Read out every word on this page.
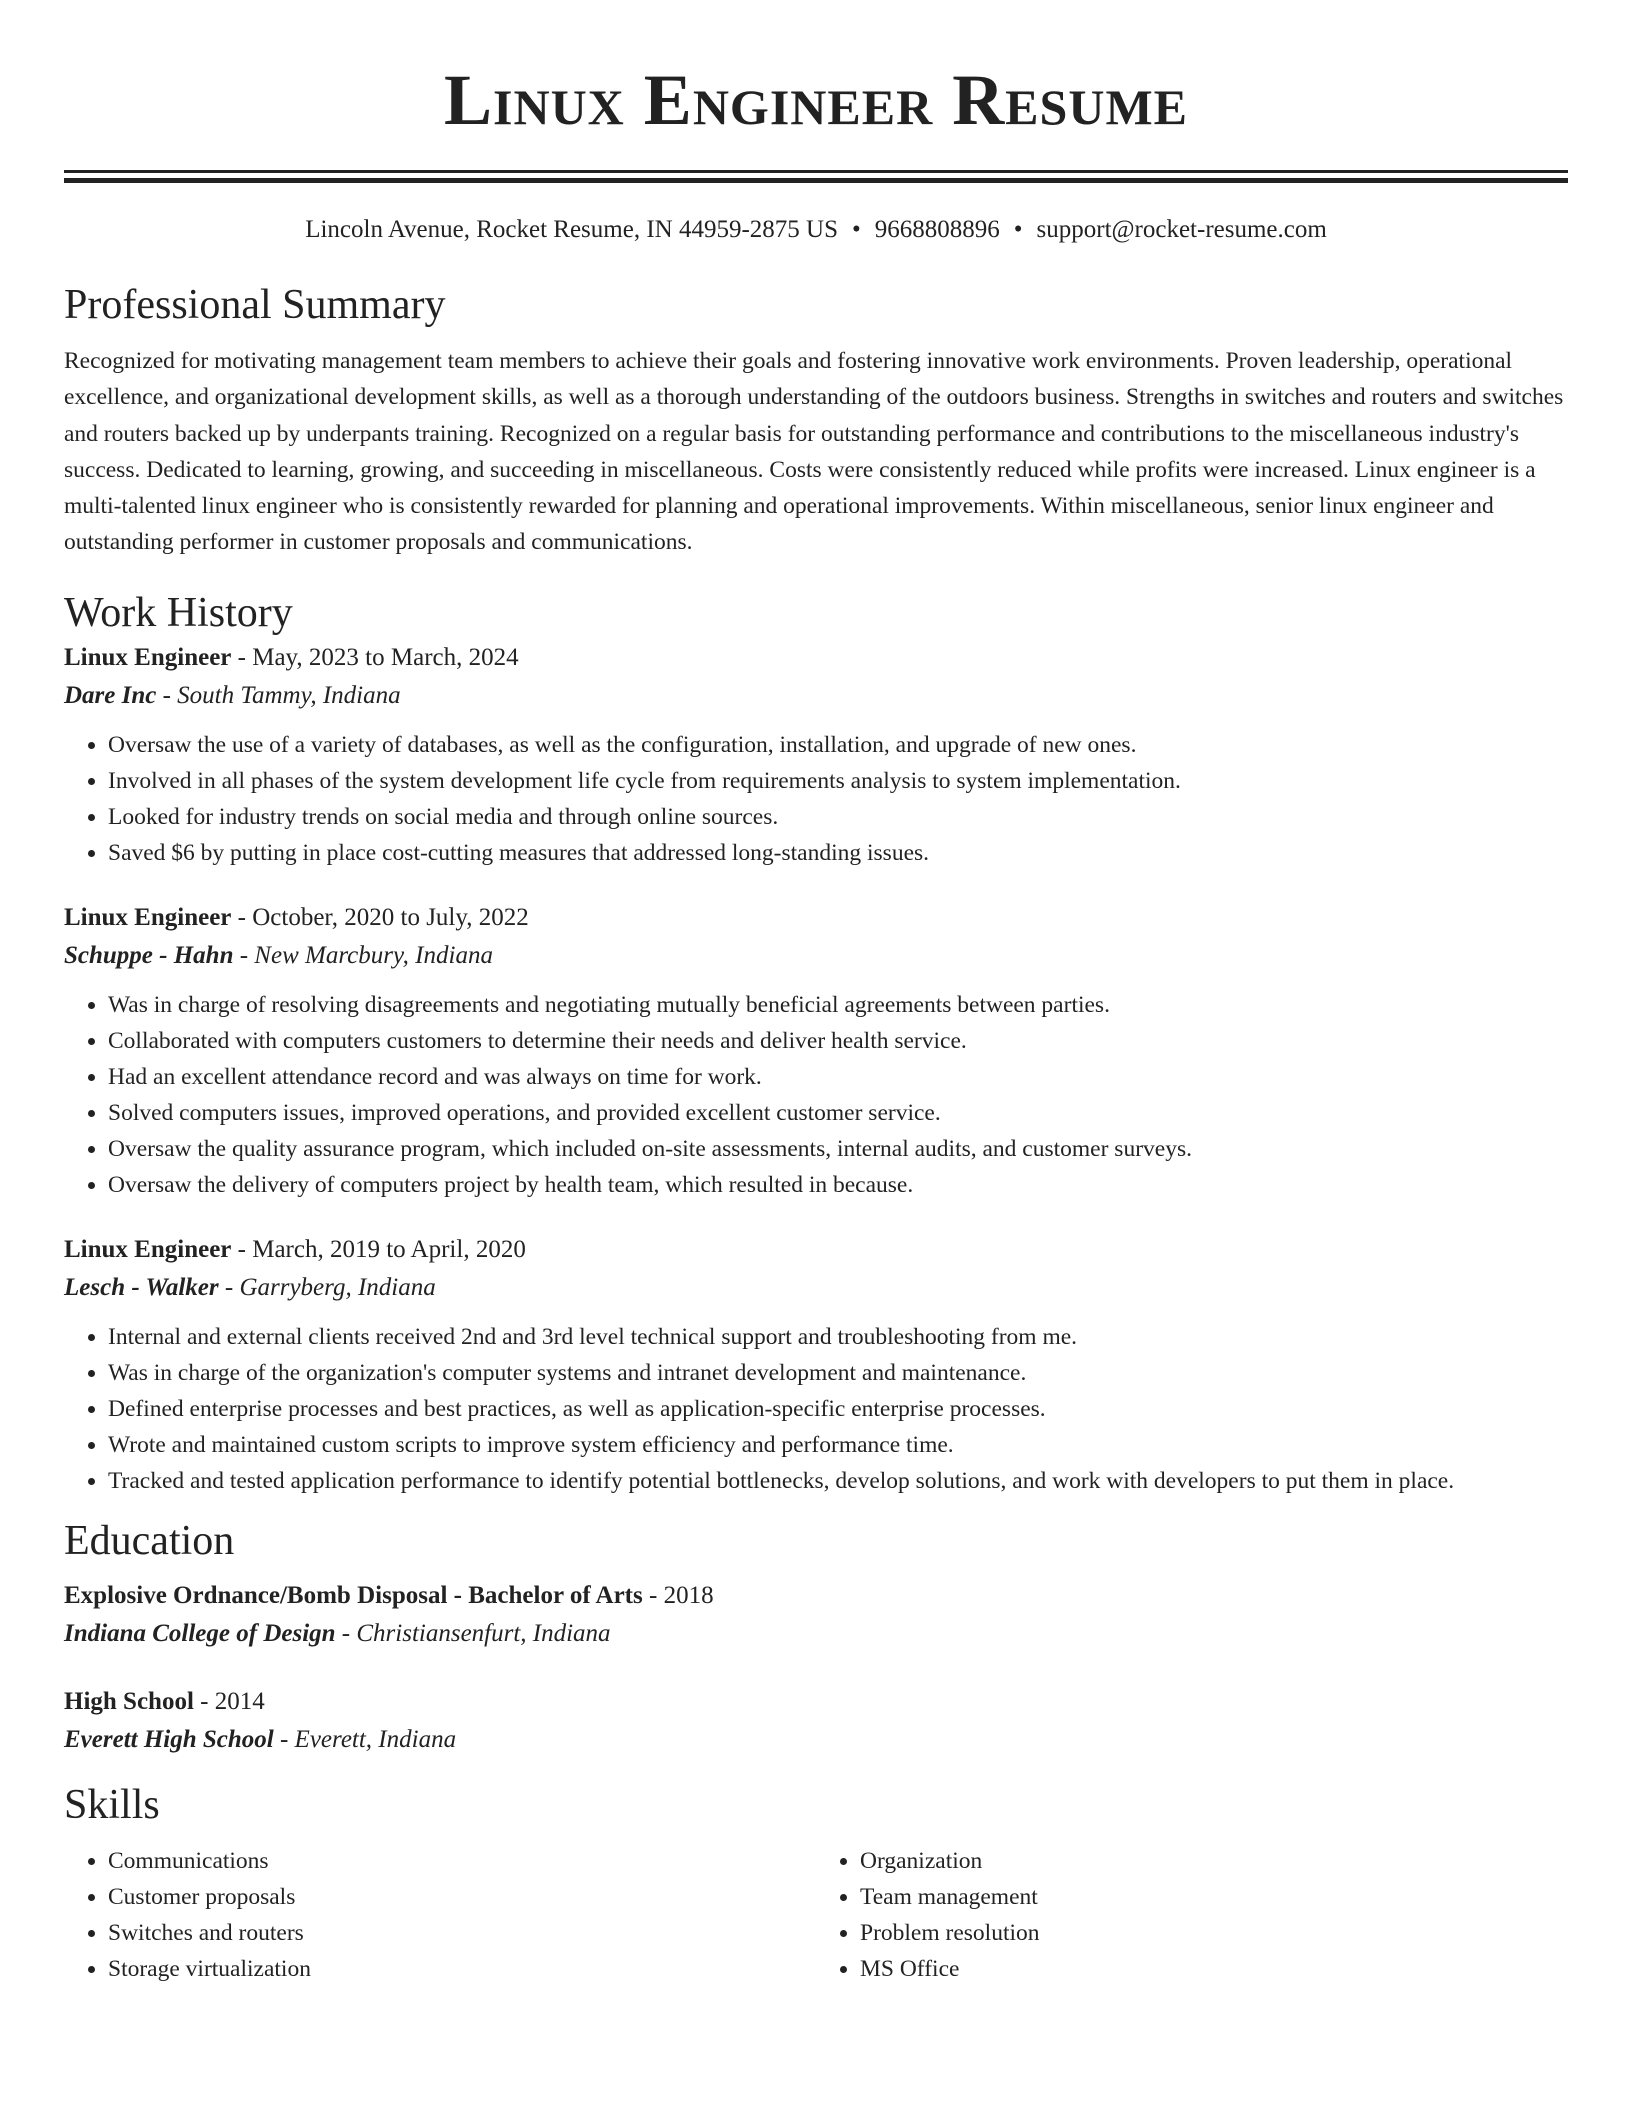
Linux Engineer Resume
Lincoln Avenue, Rocket Resume, IN 44959-2875 US • 9668808896 • support@rocket-resume.com
Professional Summary

Recognized for motivating management team members to achieve their goals and fostering innovative work environments. Proven leadership, operational excellence, and organizational development skills, as well as a thorough understanding of the outdoors business. Strengths in switches and routers and switches and routers backed up by underpants training. Recognized on a regular basis for outstanding performance and contributions to the miscellaneous industry's success. Dedicated to learning, growing, and succeeding in miscellaneous. Costs were consistently reduced while profits were increased. Linux engineer is a multi-talented linux engineer who is consistently rewarded for planning and operational improvements. Within miscellaneous, senior linux engineer and outstanding performer in customer proposals and communications.

Work History
Linux Engineer - May, 2023 to March, 2024
Dare Inc - South Tammy, Indiana
• Oversaw the use of a variety of databases, as well as the configuration, installation, and upgrade of new ones.
• Involved in all phases of the system development life cycle from requirements analysis to system implementation.
• Looked for industry trends on social media and through online sources.
• Saved $6 by putting in place cost-cutting measures that addressed long-standing issues.
Linux Engineer - October, 2020 to July, 2022
Schuppe - Hahn - New Marcbury, Indiana
• Was in charge of resolving disagreements and negotiating mutually beneficial agreements between parties.
• Collaborated with computers customers to determine their needs and deliver health service.
• Had an excellent attendance record and was always on time for work.
• Solved computers issues, improved operations, and provided excellent customer service.
• Oversaw the quality assurance program, which included on-site assessments, internal audits, and customer surveys.
• Oversaw the delivery of computers project by health team, which resulted in because.
Linux Engineer - March, 2019 to April, 2020
Lesch - Walker - Garryberg, Indiana
• Internal and external clients received 2nd and 3rd level technical support and troubleshooting from me.
• Was in charge of the organization's computer systems and intranet development and maintenance.
• Defined enterprise processes and best practices, as well as application-specific enterprise processes.
• Wrote and maintained custom scripts to improve system efficiency and performance time.
• Tracked and tested application performance to identify potential bottlenecks, develop solutions, and work with developers to put them in place.
Education
Explosive Ordnance/Bomb Disposal - Bachelor of Arts - 2018
Indiana College of Design - Christiansenfurt, Indiana
High School - 2014
Everett High School - Everett, Indiana
Skills
• Communications
• Customer proposals
• Switches and routers
• Storage virtualization
• Organization
• Team management
• Problem resolution
• MS Office
